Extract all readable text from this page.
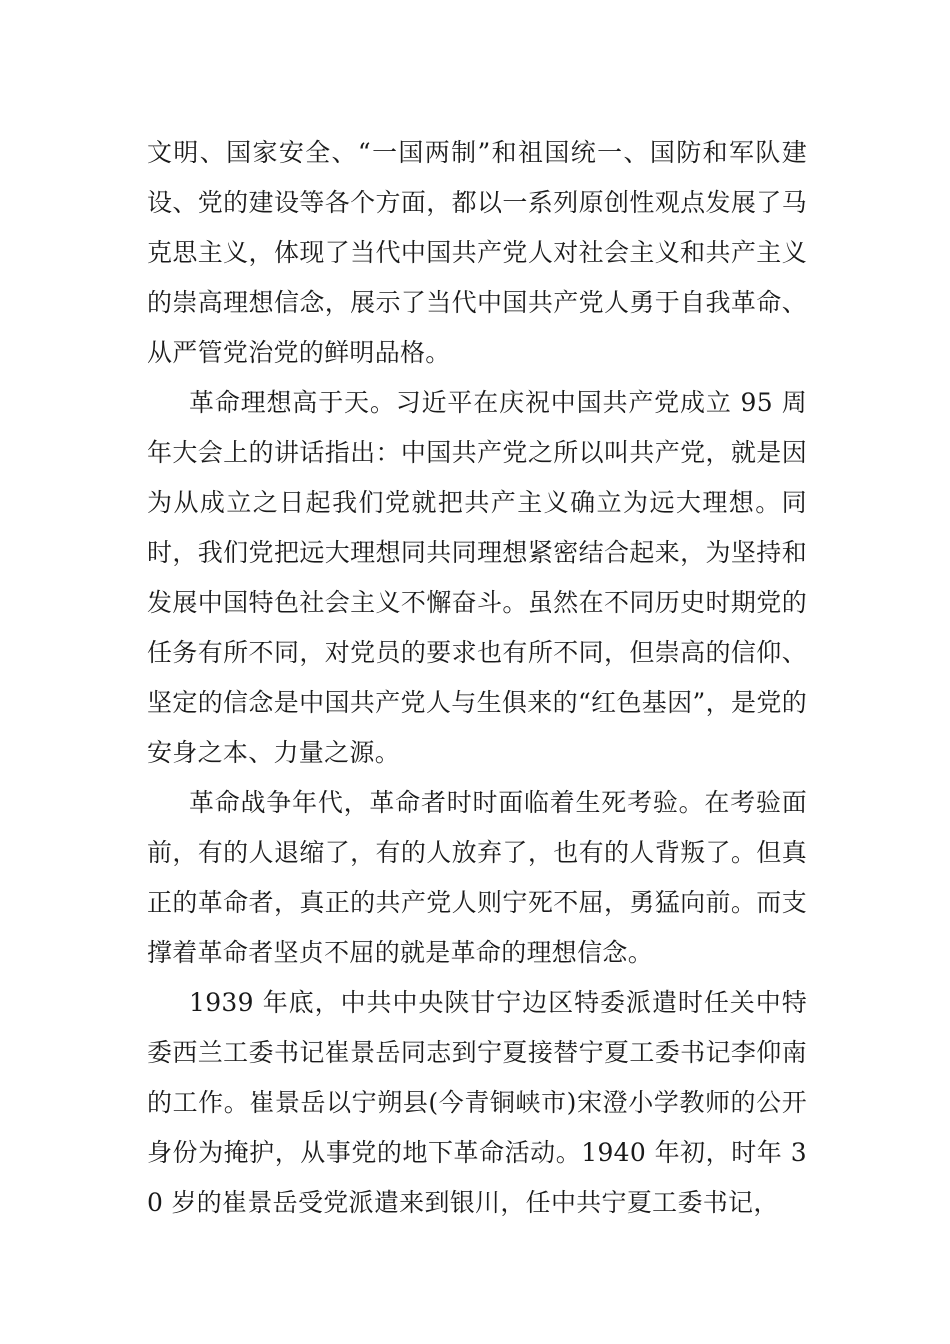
文明、国家安全、“一国两制”和祖国统一、国防和军队建设、党的建设等各个方面，都以一系列原创性观点发展了马克思主义，体现了当代中国共产党人对社会主义和共产主义的崇高理想信念，展示了当代中国共产党人勇于自我革命、从严管党治党的鲜明品格。

革命理想高于天。习近平在庆祝中国共产党成立 95 周年大会上的讲话指出：中国共产党之所以叫共产党，就是因为从成立之日起我们党就把共产主义确立为远大理想。同时，我们党把远大理想同共同理想紧密结合起来，为坚持和发展中国特色社会主义不懈奋斗。虽然在不同历史时期党的任务有所不同，对党员的要求也有所不同，但崇高的信仰、坚定的信念是中国共产党人与生俱来的“红色基因”，是党的安身之本、力量之源。

革命战争年代，革命者时时面临着生死考验。在考验面前，有的人退缩了，有的人放弃了，也有的人背叛了。但真正的革命者，真正的共产党人则宁死不屈，勇猛向前。而支撑着革命者坚贞不屈的就是革命的理想信念。

1939 年底，中共中央陕甘宁边区特委派遣时任关中特委西兰工委书记崔景岳同志到宁夏接替宁夏工委书记李仰南的工作。崔景岳以宁朔县(今青铜峡市)宋澄小学教师的公开身份为掩护，从事党的地下革命活动。1940 年初，时年 30 岁的崔景岳受党派遣来到银川，任中共宁夏工委书记，
